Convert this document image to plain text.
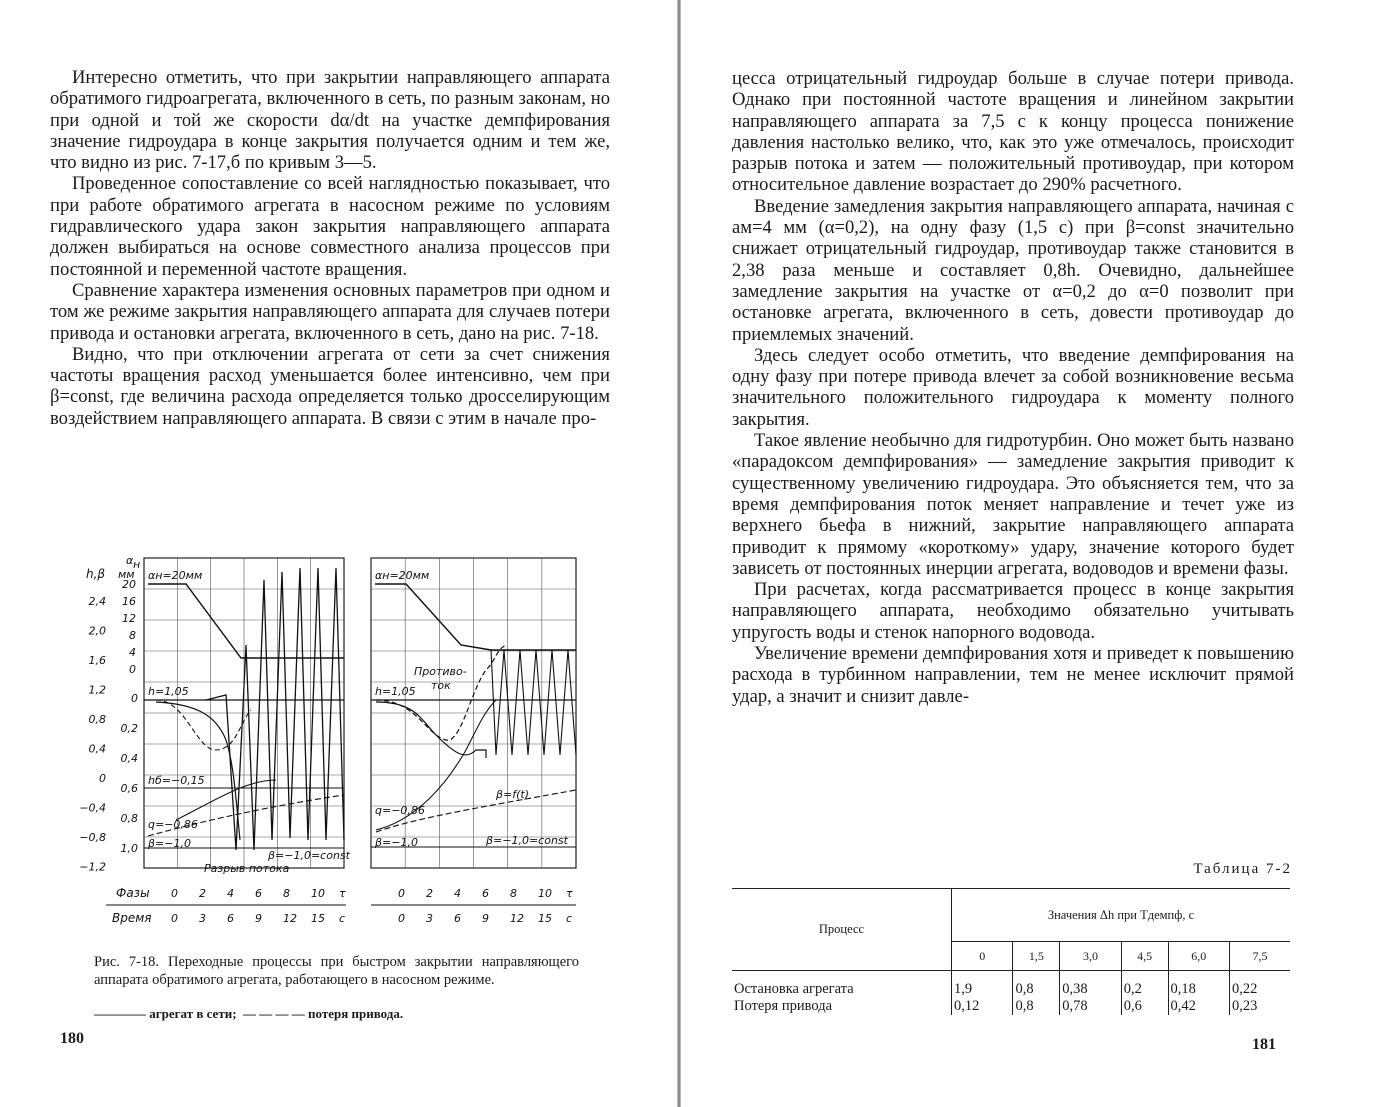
Интересно отметить, что при закрытии направляющего аппарата обратимого гидроагрегата, включенного в сеть, по разным законам, но при одной и той же скорости dα/dt на участке демпфирования значение гидроудара в конце закрытия получается одним и тем же, что видно из рис. 7-17,б по кривым 3—5.

Проведенное сопоставление со всей наглядностью показывает, что при работе обратимого агрегата в насосном режиме по условиям гидравлического удара закон закрытия направляющего аппарата должен выбираться на основе совместного анализа процессов при постоянной и переменной частоте вращения.

Сравнение характера изменения основных параметров при одном и том же режиме закрытия направляющего аппарата для случаев потери привода и остановки агрегата, включенного в сеть, дано на рис. 7-18.

Видно, что при отключении агрегата от сети за счет снижения частоты вращения расход уменьшается более интенсивно, чем при β=const, где величина расхода определяется только дросселирующим воздействием направляющего аппарата. В связи с этим в начале про-

h,β
α н
мм
2,4
2,0
1,6
1,2
0,8
0,4
0
−0,4
−0,8
−1,2
20
16
12
8
4
0
0
0,2
0,4
0,6
0,8
1,0
αн=20мм
h=1,05
hб=−0,15
q=−0,86
β=−1,0
β=−1,0=const
Разрыв потока
αн=20мм
Противо-
ток
h=1,05
q=−0,86
β=f(t)
β=−1,0	β=−1,0=const
Фазы 0 2 4 6 8 10 τ	0 2 4 6 8 10 τ
Время 0 3 6 9 12 15 с	0 3 6 9 12 15 с
Рис. 7-18. Переходные процессы при быстром закрытии направляющего аппарата обратимого агрегата, работающего в насосном режиме.
———— агрегат в сети; — — — — потеря привода.
180

цесса отрицательный гидроудар больше в случае потери привода. Однако при постоянной частоте вращения и линейном закрытии направляющего аппарата за 7,5 с к концу процесса понижение давления настолько велико, что, как это уже отмечалось, происходит разрыв потока и затем — положительный противоудар, при котором относительное давление возрастает до 290% расчетного.

Введение замедления закрытия направляющего аппарата, начиная с aм=4 мм (α=0,2), на одну фазу (1,5 с) при β=const значительно снижает отрицательный гидроудар, противоудар также становится в 2,38 раза меньше и составляет 0,8h. Очевидно, дальнейшее замедление закрытия на участке от α=0,2 до α=0 позволит при остановке агрегата, включенного в сеть, довести противоудар до приемлемых значений.

Здесь следует особо отметить, что введение демпфирования на одну фазу при потере привода влечет за собой возникновение весьма значительного положительного гидроудара к моменту полного закрытия.

Такое явление необычно для гидротурбин. Оно может быть названо «парадоксом демпфирования» — замедление закрытия приводит к существенному увеличению гидроудара. Это объясняется тем, что за время демпфирования поток меняет направление и течет уже из верхнего бьефа в нижний, закрытие направляющего аппарата приводит к прямому «короткому» удару, значение которого будет зависеть от постоянных инерции агрегата, водоводов и времени фазы.

При расчетах, когда рассматривается процесс в конце закрытия направляющего аппарата, необходимо обязательно учитывать упругость воды и стенок напорного водовода.

Увеличение времени демпфирования хотя и приведет к повышению расхода в турбинном направлении, тем не менее исключит прямой удар, а значит и снизит давле-

Таблица 7-2
Процесс	Значения Δh при Tдемпф, с					
	0	1,5	3,0	4,5	6,0	7,5
Остановка агрегата	1,9	0,8	0,38	0,2	0,18	0,22
Потеря привода	0,12	0,8	0,78	0,6	0,42	0,23
181
